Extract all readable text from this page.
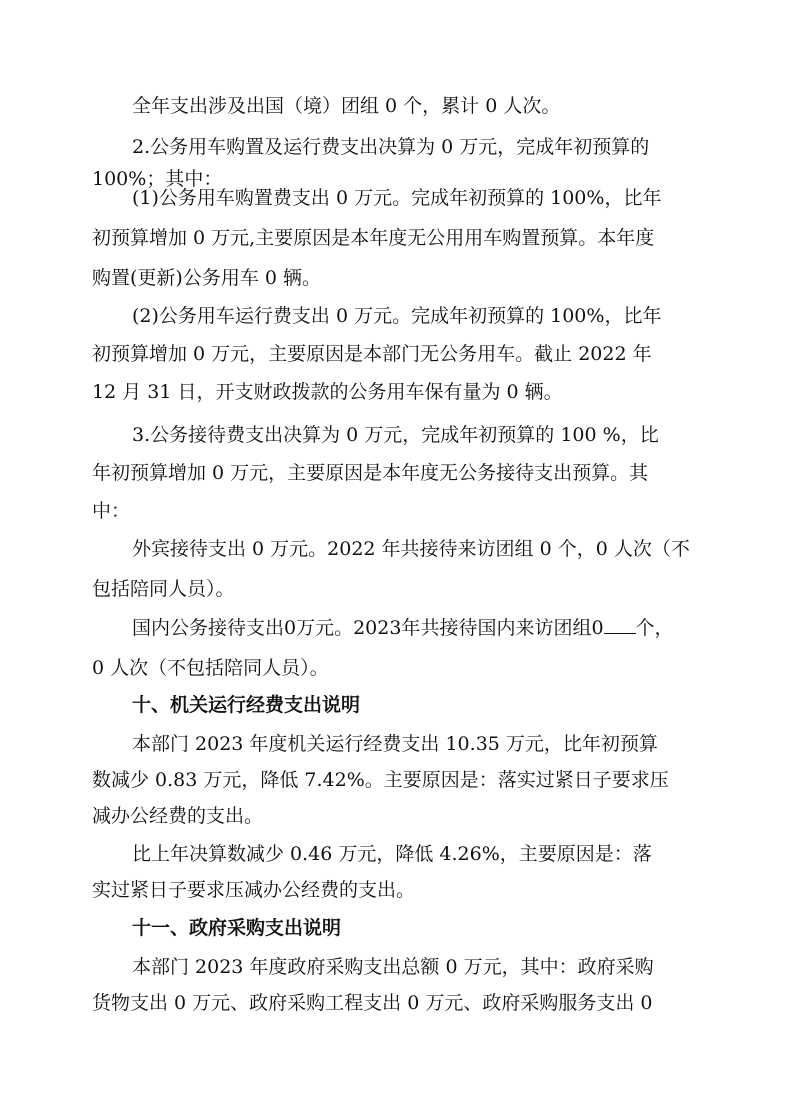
全年支出涉及出国（境）团组 0 个，累计 0 人次。
2.公务用车购置及运行费支出决算为 0 万元，完成年初预算的
100%；其中：
(1)公务用车购置费支出 0 万元。完成年初预算的 100%，比年
初预算增加 0 万元,主要原因是本年度无公用用车购置预算。本年度
购置(更新)公务用车 0 辆。
(2)公务用车运行费支出 0 万元。完成年初预算的 100%，比年
初预算增加 0 万元，主要原因是本部门无公务用车。截止 2022 年
12 月 31 日，开支财政拨款的公务用车保有量为 0 辆。
3.公务接待费支出决算为 0 万元，完成年初预算的 100 %，比
年初预算增加 0 万元，主要原因是本年度无公务接待支出预算。其
中：
外宾接待支出 0 万元。2022 年共接待来访团组 0 个，0 人次（不
包括陪同人员）。
国内公务接待支出0万元。2023年共接待国内来访团组0 个，
0 人次（不包括陪同人员）。
十、机关运行经费支出说明
本部门 2023 年度机关运行经费支出 10.35 万元，比年初预算
数减少 0.83 万元，降低 7.42%。主要原因是：落实过紧日子要求压
减办公经费的支出。
比上年决算数减少 0.46 万元，降低 4.26%，主要原因是：落
实过紧日子要求压减办公经费的支出。
十一、政府采购支出说明
本部门 2023 年度政府采购支出总额 0 万元，其中：政府采购
货物支出 0 万元、政府采购工程支出 0 万元、政府采购服务支出 0
